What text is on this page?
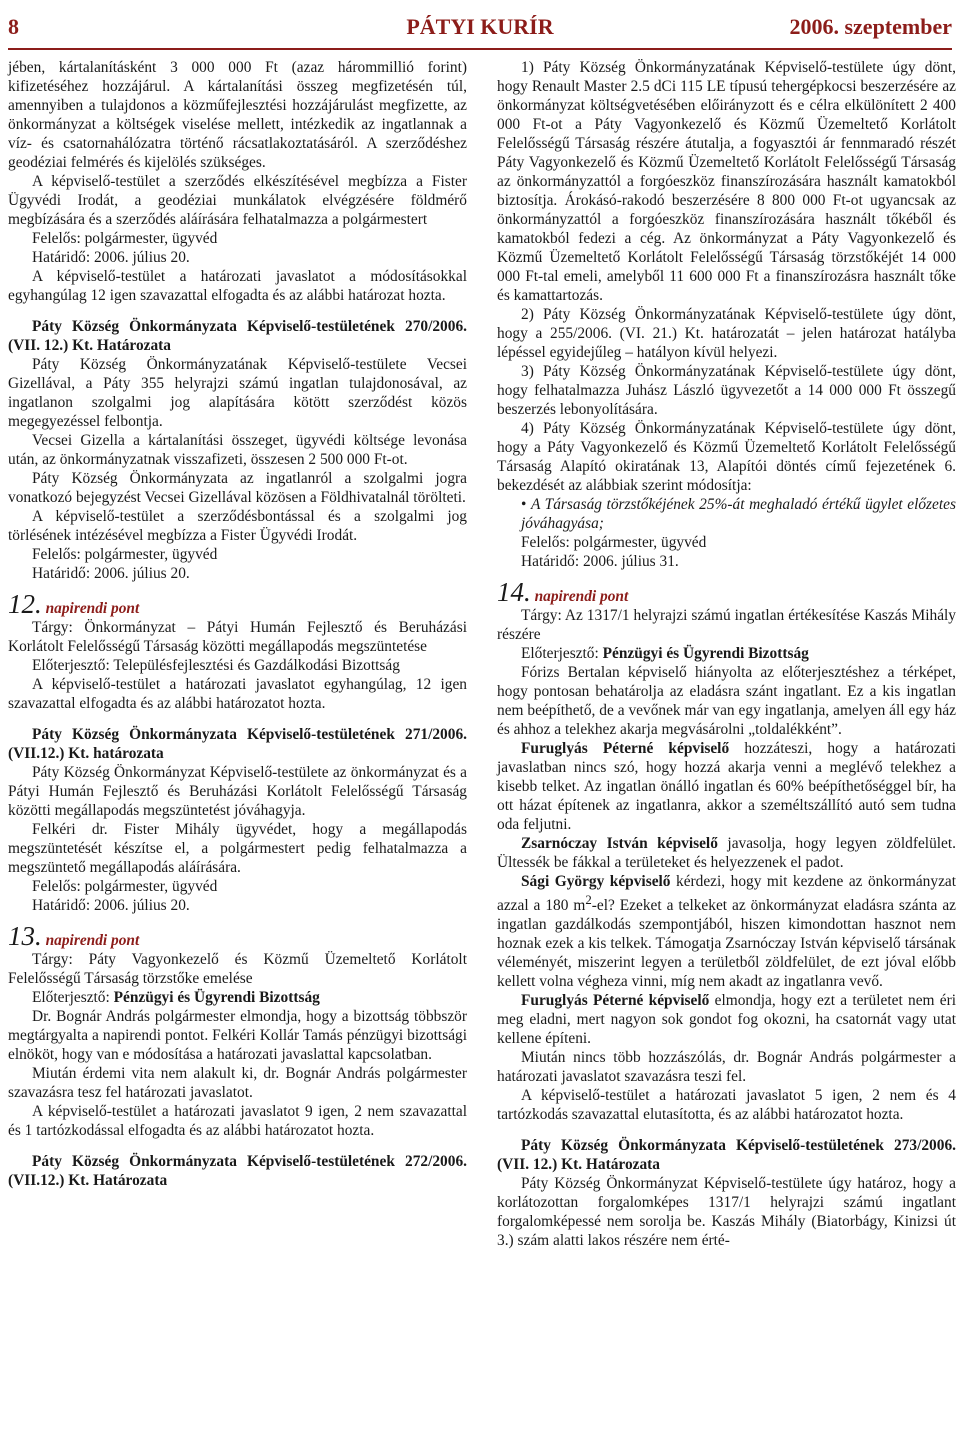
8	PÁTYI KURÍR	2006. szeptember

jében, kártalanításként 3 000 000 Ft (azaz hárommillió forint) kifizetéséhez hozzájárul. A kártalanítási összeg megfizetésén túl, amennyiben a tulajdonos a közműfejlesztési hozzájárulást megfizette, az önkormányzat a költségek viselése mellett, intézkedik az ingatlannak a víz- és csatornahálózatra történő rácsatlakoztatásáról. A szerződéshez geodéziai felmérés és kijelölés szükséges.

A képviselő-testület a szerződés elkészítésével megbízza a Fister Ügyvédi Irodát, a geodéziai munkálatok elvégzésére földmérő megbízására és a szerződés aláírására felhatalmazza a polgármestert

Felelős: polgármester, ügyvéd

Határidő: 2006. július 20.

A képviselő-testület a határozati javaslatot a módosításokkal egyhangúlag 12 igen szavazattal elfogadta és az alábbi határozat hozta.

Páty Község Önkormányzata Képviselő-testületének 270/2006. (VII. 12.) Kt. Határozata

Páty Község Önkormányzatának Képviselő-testülete Vecsei Gizellával, a Páty 355 helyrajzi számú ingatlan tulajdonosával, az ingatlanon szolgalmi jog alapítására kötött szerződést közös megegyezéssel felbontja.

Vecsei Gizella a kártalanítási összeget, ügyvédi költsége levonása után, az önkormányzatnak visszafizeti, összesen 2 500 000 Ft-ot.

Páty Község Önkormányzata az ingatlanról a szolgalmi jogra vonatkozó bejegyzést Vecsei Gizellával közösen a Földhivatalnál törölteti.

A képviselő-testület a szerződésbontással és a szolgalmi jog törlésének intézésével megbízza a Fister Ügyvédi Irodát.

Felelős: polgármester, ügyvéd

Határidő: 2006. július 20.

12. napirendi pont

Tárgy: Önkormányzat – Pátyi Humán Fejlesztő és Beruházási Korlátolt Felelősségű Társaság közötti megállapodás megszüntetése

Előterjesztő: Településfejlesztési és Gazdálkodási Bizottság

A képviselő-testület a határozati javaslatot egyhangúlag, 12 igen szavazattal elfogadta és az alábbi határozatot hozta.

Páty Község Önkormányzata Képviselő-testületének 271/2006. (VII.12.) Kt. határozata

Páty Község Önkormányzat Képviselő-testülete az önkormányzat és a Pátyi Humán Fejlesztő és Beruházási Korlátolt Felelősségű Társaság közötti megállapodás megszüntetést jóváhagyja.

Felkéri dr. Fister Mihály ügyvédet, hogy a megállapodás megszüntetését készítse el, a polgármestert pedig felhatalmazza a megszüntető megállapodás aláírására.

Felelős: polgármester, ügyvéd

Határidő: 2006. július 20.

13. napirendi pont

Tárgy: Páty Vagyonkezelő és Közmű Üzemeltető Korlátolt Felelősségű Társaság törzstőke emelése

Előterjesztő: Pénzügyi és Ügyrendi Bizottság

Dr. Bognár András polgármester elmondja, hogy a bizottság többször megtárgyalta a napirendi pontot. Felkéri Kollár Tamás pénzügyi bizottsági elnököt, hogy van e módosítása a határozati javaslattal kapcsolatban.

Miután érdemi vita nem alakult ki, dr. Bognár András polgármester szavazásra tesz fel határozati javaslatot.

A képviselő-testület a határozati javaslatot 9 igen, 2 nem szavazattal és 1 tartózkodással elfogadta és az alábbi határozatot hozta.

Páty Község Önkormányzata Képviselő-testületének 272/2006. (VII.12.) Kt. Határozata

1) Páty Község Önkormányzatának Képviselő-testülete úgy dönt, hogy Renault Master 2.5 dCi 115 LE típusú tehergépkocsi beszerzésére az önkormányzat költségvetésében előirányzott és e célra elkülönített 2 400 000 Ft-ot a Páty Vagyonkezelő és Közmű Üzemeltető Korlátolt Felelősségű Társaság részére átutalja, a fogyasztói ár fennmaradó részét Páty Vagyonkezelő és Közmű Üzemeltető Korlátolt Felelősségű Társaság az önkormányzattól a forgóeszköz finanszírozására használt kamatokból biztosítja. Árokásó-rakodó beszerzésére 8 800 000 Ft-ot ugyancsak az önkormányzattól a forgóeszköz finanszírozására használt tőkéből és kamatokból fedezi a cég. Az önkormányzat a Páty Vagyonkezelő és Közmű Üzemeltető Korlátolt Felelősségű Társaság törzstőkéjét 14 000 000 Ft-tal emeli, amelyből 11 600 000 Ft a finanszírozásra használt tőke és kamattartozás.

2) Páty Község Önkormányzatának Képviselő-testülete úgy dönt, hogy a 255/2006. (VI. 21.) Kt. határozatát – jelen határozat hatályba lépéssel egyidejűleg – hatályon kívül helyezi.

3) Páty Község Önkormányzatának Képviselő-testülete úgy dönt, hogy felhatalmazza Juhász László ügyvezetőt a 14 000 000 Ft összegű beszerzés lebonyolítására.

4) Páty Község Önkormányzatának Képviselő-testülete úgy dönt, hogy a Páty Vagyonkezelő és Közmű Üzemeltető Korlátolt Felelősségű Társaság Alapító okiratának 13, Alapítói döntés című fejezetének 6. bekezdését az alábbiak szerint módosítja:

• A Társaság törzstőkéjének 25%-át meghaladó értékű ügylet előzetes jóváhagyása;

Felelős: polgármester, ügyvéd

Határidő: 2006. július 31.

14. napirendi pont

Tárgy: Az 1317/1 helyrajzi számú ingatlan értékesítése Kaszás Mihály részére

Előterjesztő: Pénzügyi és Ügyrendi Bizottság

Fórizs Bertalan képviselő hiányolta az előterjesztéshez a térképet, hogy pontosan behatárolja az eladásra szánt ingatlant. Ez a kis ingatlan nem beépíthető, de a vevőnek már van egy ingatlanja, amelyen áll egy ház és ahhoz a telekhez akarja megvásárolni „toldalékként”.

Furuglyás Péterné képviselő hozzáteszi, hogy a határozati javaslatban nincs szó, hogy hozzá akarja venni a meglévő telekhez a kisebb telket. Az ingatlan önálló ingatlan és 60% beépíthetőséggel bír, ha ott házat építenek az ingatlanra, akkor a személtszállító autó sem tudna oda feljutni.

Zsarnóczay István képviselő javasolja, hogy legyen zöldfelület. Ültessék be fákkal a területeket és helyezzenek el padot.

Sági György képviselő kérdezi, hogy mit kezdene az önkormányzat azzal a 180 $m^2-el$? Ezeket a telkeket az önkormányzat eladásra szánta az ingatlan gazdálkodás szempontjából, hiszen kimondottan hasznot nem hoznak ezek a kis telkek. Támogatja Zsarnóczay István képviselő társának véleményét, miszerint legyen a területből zöldfelület, de ezt jóval előbb kellett volna végheza vinni, míg nem akadt az ingatlanra vevő.

Furuglyás Péterné képviselő elmondja, hogy ezt a területet nem éri meg eladni, mert nagyon sok gondot fog okozni, ha csatornát vagy utat kellene építeni.

Miután nincs több hozzászólás, dr. Bognár András polgármester a határozati javaslatot szavazásra teszi fel.

A képviselő-testület a határozati javaslatot 5 igen, 2 nem és 4 tartózkodás szavazattal elutasította, és az alábbi határozatot hozta.

Páty Község Önkormányzata Képviselő-testületének 273/2006. (VII. 12.) Kt. Határozata

Páty Község Önkormányzat Képviselő-testülete úgy határoz, hogy a korlátozottan forgalomképes 1317/1 helyrajzi számú ingatlant forgalomképessé nem sorolja be. Kaszás Mihály (Biatorbágy, Kinizsi út 3.) szám alatti lakos részére nem érté-
